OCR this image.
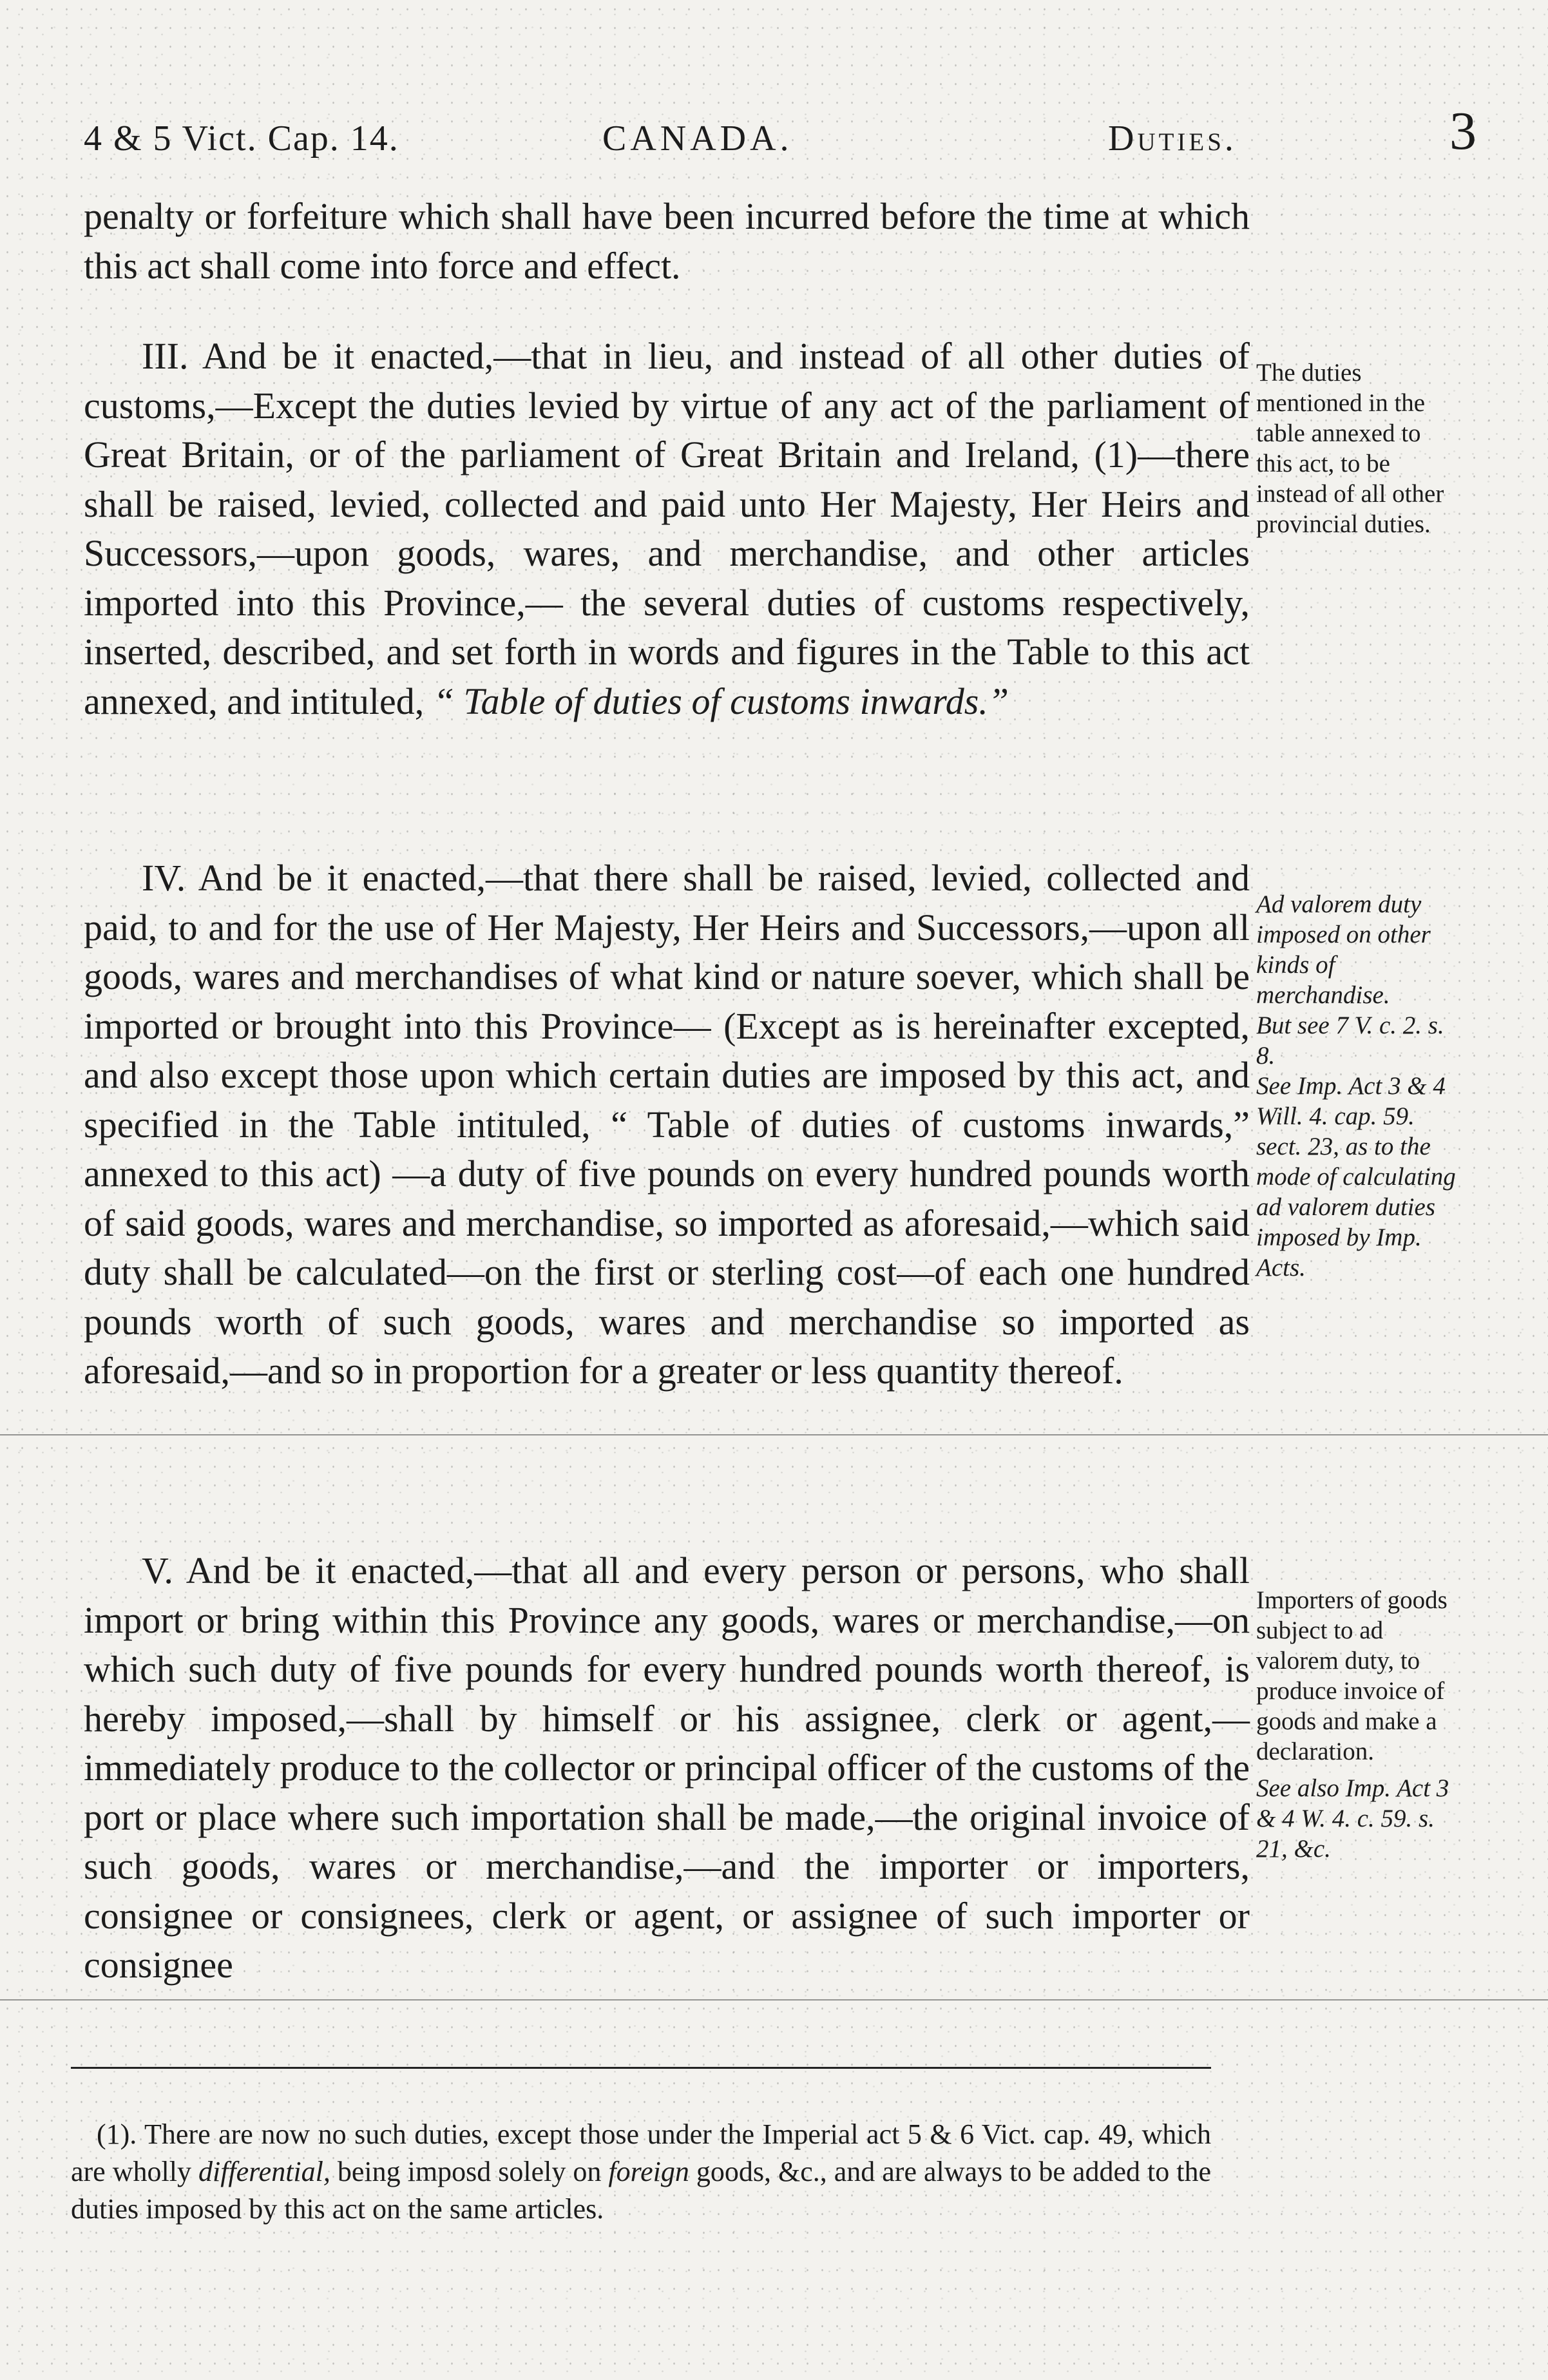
4 & 5 Vict. Cap. 14.	CANADA.	Duties.	3

penalty or forfeiture which shall have been incurred before the time at which this act shall come into force and effect.

III. And be it enacted,—that in lieu, and instead of all other duties of customs,—Except the duties levied by virtue of any act of the parliament of Great Britain, or of the parliament of Great Britain and Ireland, (1)—there shall be raised, levied, collected and paid unto Her Majesty, Her Heirs and Successors,—upon goods, wares, and merchandise, and other articles imported into this Province,— the several duties of customs respectively, inserted, described, and set forth in words and figures in the Table to this act annexed, and intituled, “ Table of duties of customs inwards.”

IV. And be it enacted,—that there shall be raised, levied, collected and paid, to and for the use of Her Majesty, Her Heirs and Successors,—upon all goods, wares and merchandises of what kind or nature soever, which shall be imported or brought into this Province— (Except as is hereinafter excepted, and also except those upon which certain duties are imposed by this act, and specified in the Table intituled, “ Table of duties of customs inwards,” annexed to this act) —a duty of five pounds on every hundred pounds worth of said goods, wares and merchandise, so imported as aforesaid,—which said duty shall be calculated—on the first or sterling cost—of each one hundred pounds worth of such goods, wares and merchandise so imported as aforesaid,—and so in proportion for a greater or less quantity thereof.

V. And be it enacted,—that all and every person or persons, who shall import or bring within this Province any goods, wares or merchandise,—on which such duty of five pounds for every hundred pounds worth thereof, is hereby imposed,—shall by himself or his assignee, clerk or agent,—immediately produce to the collector or principal officer of the customs of the port or place where such importation shall be made,—the original invoice of such goods, wares or merchandise,—and the importer or importers, consignee or consignees, clerk or agent, or assignee of such importer or consignee

The duties mentioned in the table annexed to this act, to be instead of all other provincial duties.
Ad valorem duty imposed on other kinds of merchandise.
But see 7 V. c. 2. s. 8.
See Imp. Act 3 & 4 Will. 4. cap. 59. sect. 23, as to the mode of calculating ad valorem duties imposed by Imp. Acts.
Importers of goods subject to ad valorem duty, to produce invoice of goods and make a declaration.
See also Imp. Act 3 & 4 W. 4. c. 59. s. 21, &c.

(1). There are now no such duties, except those under the Imperial act 5 & 6 Vict. cap. 49, which are wholly differential, being imposd solely on foreign goods, &c., and are always to be added to the duties imposed by this act on the same articles.
